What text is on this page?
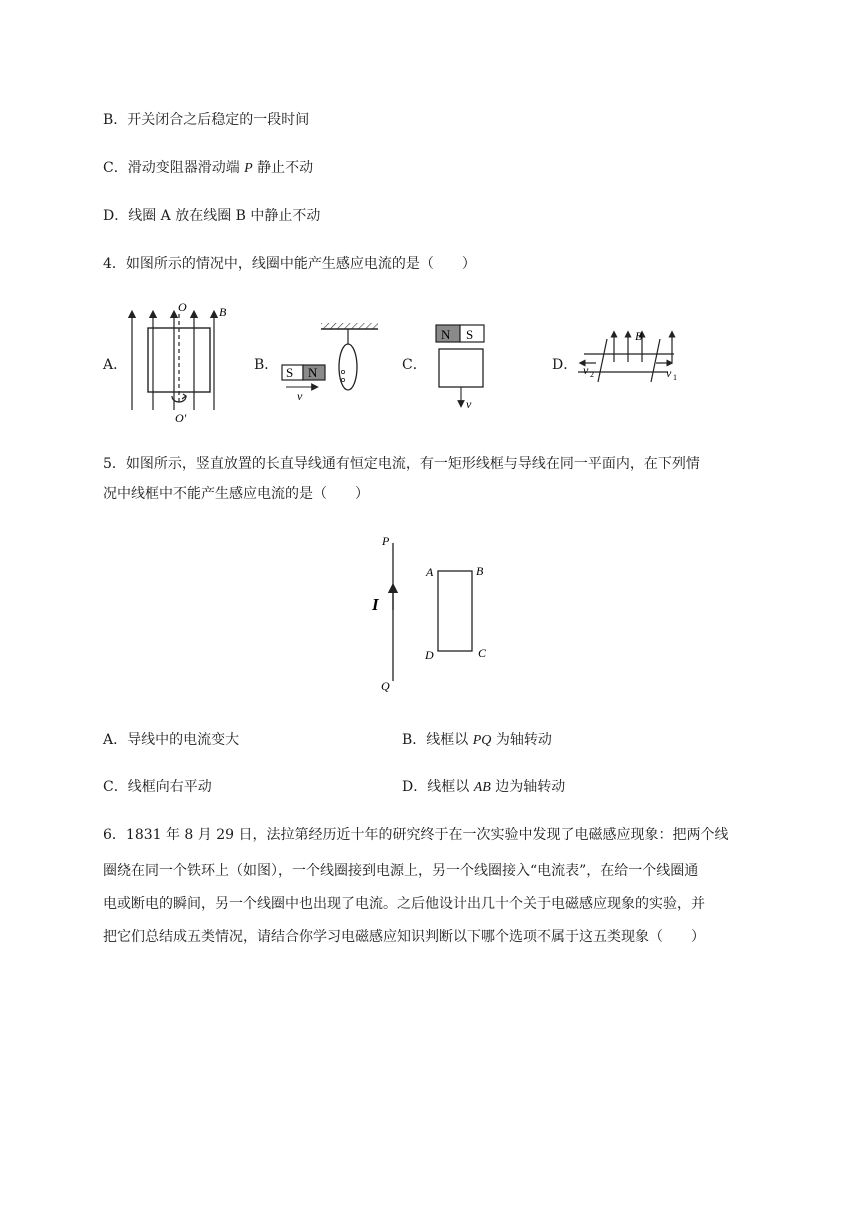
B．开关闭合之后稳定的一段时间
C．滑动变阻器滑动端 P 静止不动
D．线圈 A 放在线圈 B 中静止不动
4．如图所示的情况中，线圈中能产生感应电流的是（　　）
A．	B．	C．	D．
O
O′
B
S N
v
N S
v
B
v 2	v 1
5．如图所示，竖直放置的长直导线通有恒定电流，有一矩形线框与导线在同一平面内，在下列情
况中线框中不能产生感应电流的是（　　）
P
Q
I
A	B
C
D
A．导线中的电流变大	B．线框以 PQ 为轴转动
C．线框向右平动	D．线框以 AB 边为轴转动
6．1831 年 8 月 29 日，法拉第经历近十年的研究终于在一次实验中发现了电磁感应现象：把两个线
圈绕在同一个铁环上（如图），一个线圈接到电源上，另一个线圈接入“电流表”，在给一个线圈通
电或断电的瞬间，另一个线圈中也出现了电流。之后他设计出几十个关于电磁感应现象的实验，并
把它们总结成五类情况，请结合你学习电磁感应知识判断以下哪个选项不属于这五类现象（　　）
